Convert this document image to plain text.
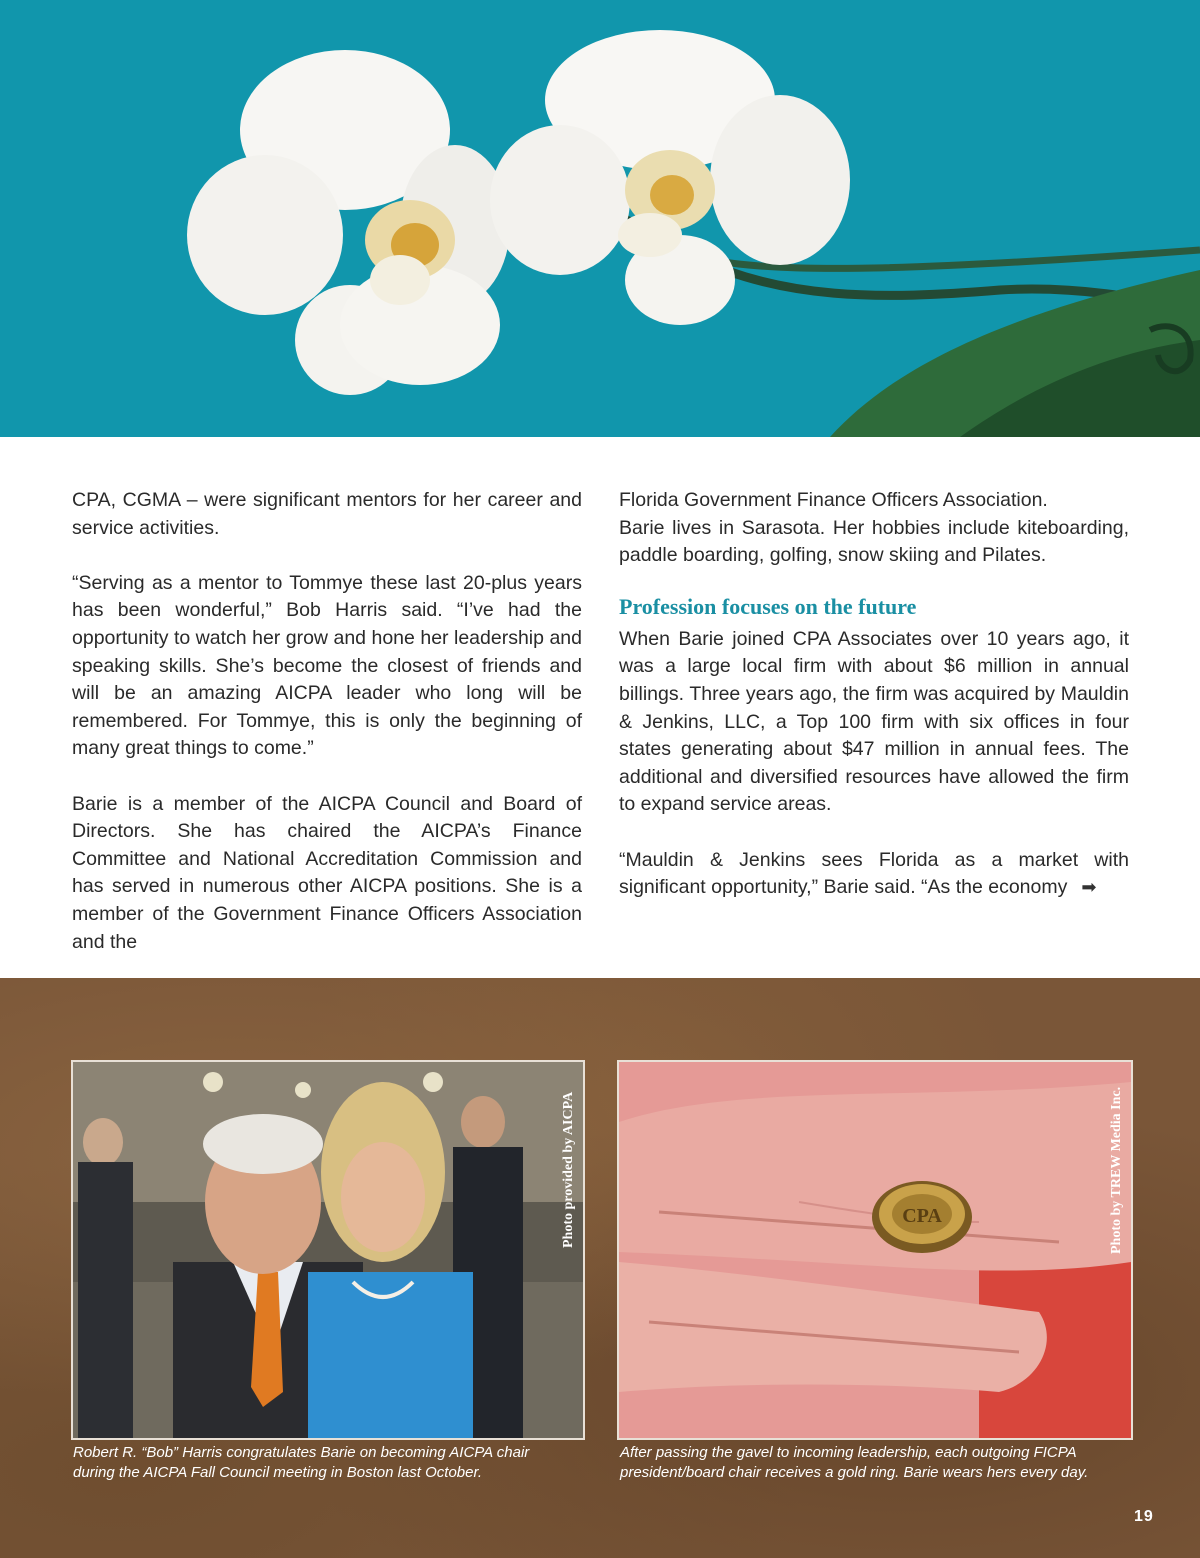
CPA, CGMA – were significant mentors for her career and service activities.

“Serving as a mentor to Tommye these last 20-plus years has been wonderful,” Bob Harris said. “I’ve had the opportunity to watch her grow and hone her leadership and speaking skills. She’s become the closest of friends and will be an amazing AICPA leader who long will be remembered. For Tommye, this is only the beginning of many great things to come.”

Barie is a member of the AICPA Council and Board of Directors. She has chaired the AICPA’s Finance Committee and National Accreditation Commission and has served in numerous other AICPA positions. She is a member of the Government Finance Officers Association and the

Florida Government Finance Officers Association.

Barie lives in Sarasota. Her hobbies include kiteboarding, paddle boarding, golfing, snow skiing and Pilates.

Profession focuses on the future

When Barie joined CPA Associates over 10 years ago, it was a large local firm with about $6 million in annual billings. Three years ago, the firm was acquired by Mauldin & Jenkins, LLC, a Top 100 firm with six offices in four states generating about $47 million in annual fees. The additional and diversified resources have allowed the firm to expand service areas.

“Mauldin & Jenkins sees Florida as a market with significant opportunity,” Barie said. “As the economy ➡

Photo provided by AICPA	CPA	Photo by TREW Media Inc.
Robert R. “Bob” Harris congratulates Barie on becoming AICPA chair during the AICPA Fall Council meeting in Boston last October.
After passing the gavel to incoming leadership, each outgoing FICPA president/board chair receives a gold ring. Barie wears hers every day.
19
